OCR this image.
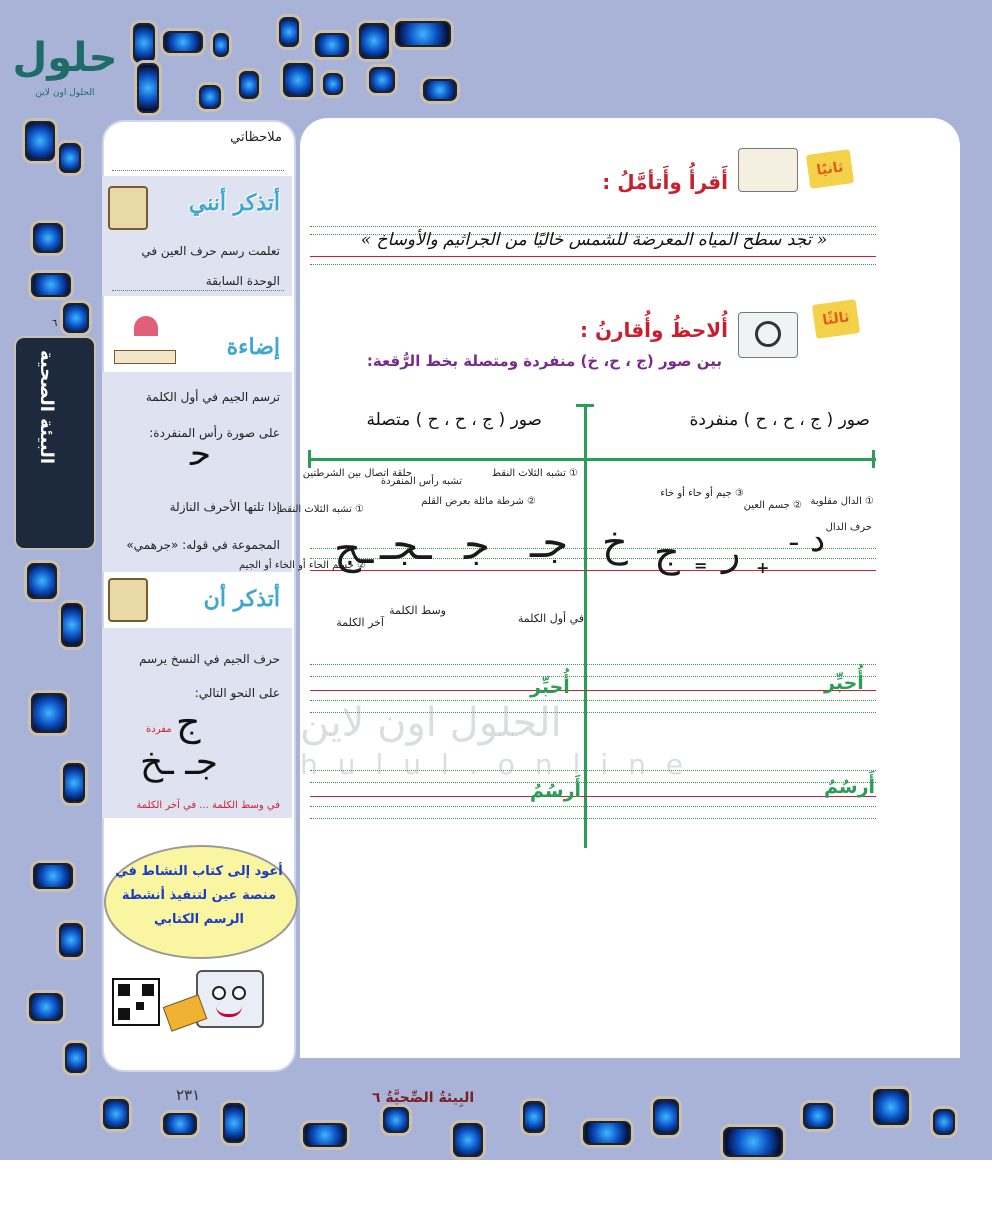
حلول
الحلول اون لاين
البيئة الصحية
٦
ملاحظاتي
أتذكر أنني
تعلمت رسم حرف العين في
الوحدة السابقة
إضاءة
ترسم الجيم في أول الكلمة
على صورة رأس المنفردة:
ﺣ
إذا تلتها الأحرف النازلة
المجموعة في قوله: «جرهمي»
أتذكر أن
حرف الجيم في النسخ يرسم
على النحو التالي:
ج
مفردة
جـ ـخ
في وسط الكلمة ... في آخر الكلمة
أعود إلى كتاب النشاط في
منصة عين لتنفيذ أنشطة
الرسم الكتابي
ثانيًا
أَقرأُ وأَتأمَّلُ :
« تجد سطح المياه المعرضة للشمس خاليًا من الجراثيم والأوساخ »
ثالثًا
أُلاحظُ وأُقارنُ :
بين صور (ج ، ح، خ) منفردة ومتصلة بخط الرُّقعة:
صور ( ج ، ح ، ح ) منفردة
صور ( ج ، ح ، ح ) متصلة
① الدال مقلوبة
حرف الدال
② جسم العين
③ جيم أو حاء أو خاء
د
ـ
+
ر
=
ج
خ
① تشبه الثلاث النقط
② شرطة مائلة بعرض القلم
تشبه رأس المنفردة
حلقة اتصال بين الشرطتين
① تشبه الثلاث النقط
② جسم الحاء أو الخاء أو الجيم	جـ
ﺟ
ـجـ
ـج
في أول الكلمة
وسط الكلمة
آخر الكلمة
أُحبِّر
أَرسُمُ
أُحبِّر
أَرسُمُ
الحلول اون لاين
hulul.online
٢٣١	البِيئةُ الصِّحيَّةُ ٦
